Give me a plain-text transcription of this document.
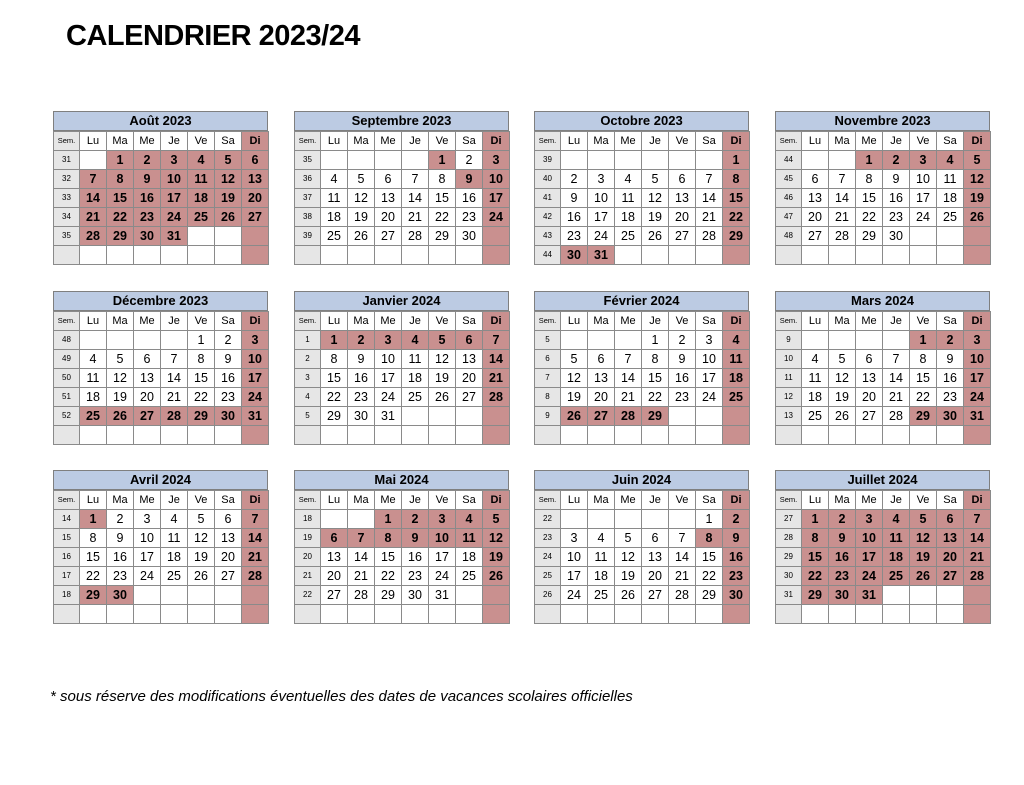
CALENDRIER 2023/24
Août 2023
Sem.	Lu	Ma	Me	Je	Ve	Sa	Di
31		1	2	3	4	5	6
32	7	8	9	10	11	12	13
33	14	15	16	17	18	19	20
34	21	22	23	24	25	26	27
35	28	29	30	31			

Septembre 2023
Sem.	Lu	Ma	Me	Je	Ve	Sa	Di
35					1	2	3
36	4	5	6	7	8	9	10
37	11	12	13	14	15	16	17
38	18	19	20	21	22	23	24
39	25	26	27	28	29	30	

Octobre 2023
Sem.	Lu	Ma	Me	Je	Ve	Sa	Di
39							1
40	2	3	4	5	6	7	8
41	9	10	11	12	13	14	15
42	16	17	18	19	20	21	22
43	23	24	25	26	27	28	29
44	30	31					
Novembre 2023
Sem.	Lu	Ma	Me	Je	Ve	Sa	Di
44			1	2	3	4	5
45	6	7	8	9	10	11	12
46	13	14	15	16	17	18	19
47	20	21	22	23	24	25	26
48	27	28	29	30			

Décembre 2023
Sem.	Lu	Ma	Me	Je	Ve	Sa	Di
48					1	2	3
49	4	5	6	7	8	9	10
50	11	12	13	14	15	16	17
51	18	19	20	21	22	23	24
52	25	26	27	28	29	30	31

Janvier 2024
Sem.	Lu	Ma	Me	Je	Ve	Sa	Di
1	1	2	3	4	5	6	7
2	8	9	10	11	12	13	14
3	15	16	17	18	19	20	21
4	22	23	24	25	26	27	28
5	29	30	31				

Février 2024
Sem.	Lu	Ma	Me	Je	Ve	Sa	Di
5				1	2	3	4
6	5	6	7	8	9	10	11
7	12	13	14	15	16	17	18
8	19	20	21	22	23	24	25
9	26	27	28	29			

Mars 2024
Sem.	Lu	Ma	Me	Je	Ve	Sa	Di
9					1	2	3
10	4	5	6	7	8	9	10
11	11	12	13	14	15	16	17
12	18	19	20	21	22	23	24
13	25	26	27	28	29	30	31

Avril 2024
Sem.	Lu	Ma	Me	Je	Ve	Sa	Di
14	1	2	3	4	5	6	7
15	8	9	10	11	12	13	14
16	15	16	17	18	19	20	21
17	22	23	24	25	26	27	28
18	29	30					

Mai 2024
Sem.	Lu	Ma	Me	Je	Ve	Sa	Di
18			1	2	3	4	5
19	6	7	8	9	10	11	12
20	13	14	15	16	17	18	19
21	20	21	22	23	24	25	26
22	27	28	29	30	31		

Juin 2024
Sem.	Lu	Ma	Me	Je	Ve	Sa	Di
22						1	2
23	3	4	5	6	7	8	9
24	10	11	12	13	14	15	16
25	17	18	19	20	21	22	23
26	24	25	26	27	28	29	30

Juillet 2024
Sem.	Lu	Ma	Me	Je	Ve	Sa	Di
27	1	2	3	4	5	6	7
28	8	9	10	11	12	13	14
29	15	16	17	18	19	20	21
30	22	23	24	25	26	27	28
31	29	30	31				

* sous réserve des modifications éventuelles des dates de vacances scolaires officielles
